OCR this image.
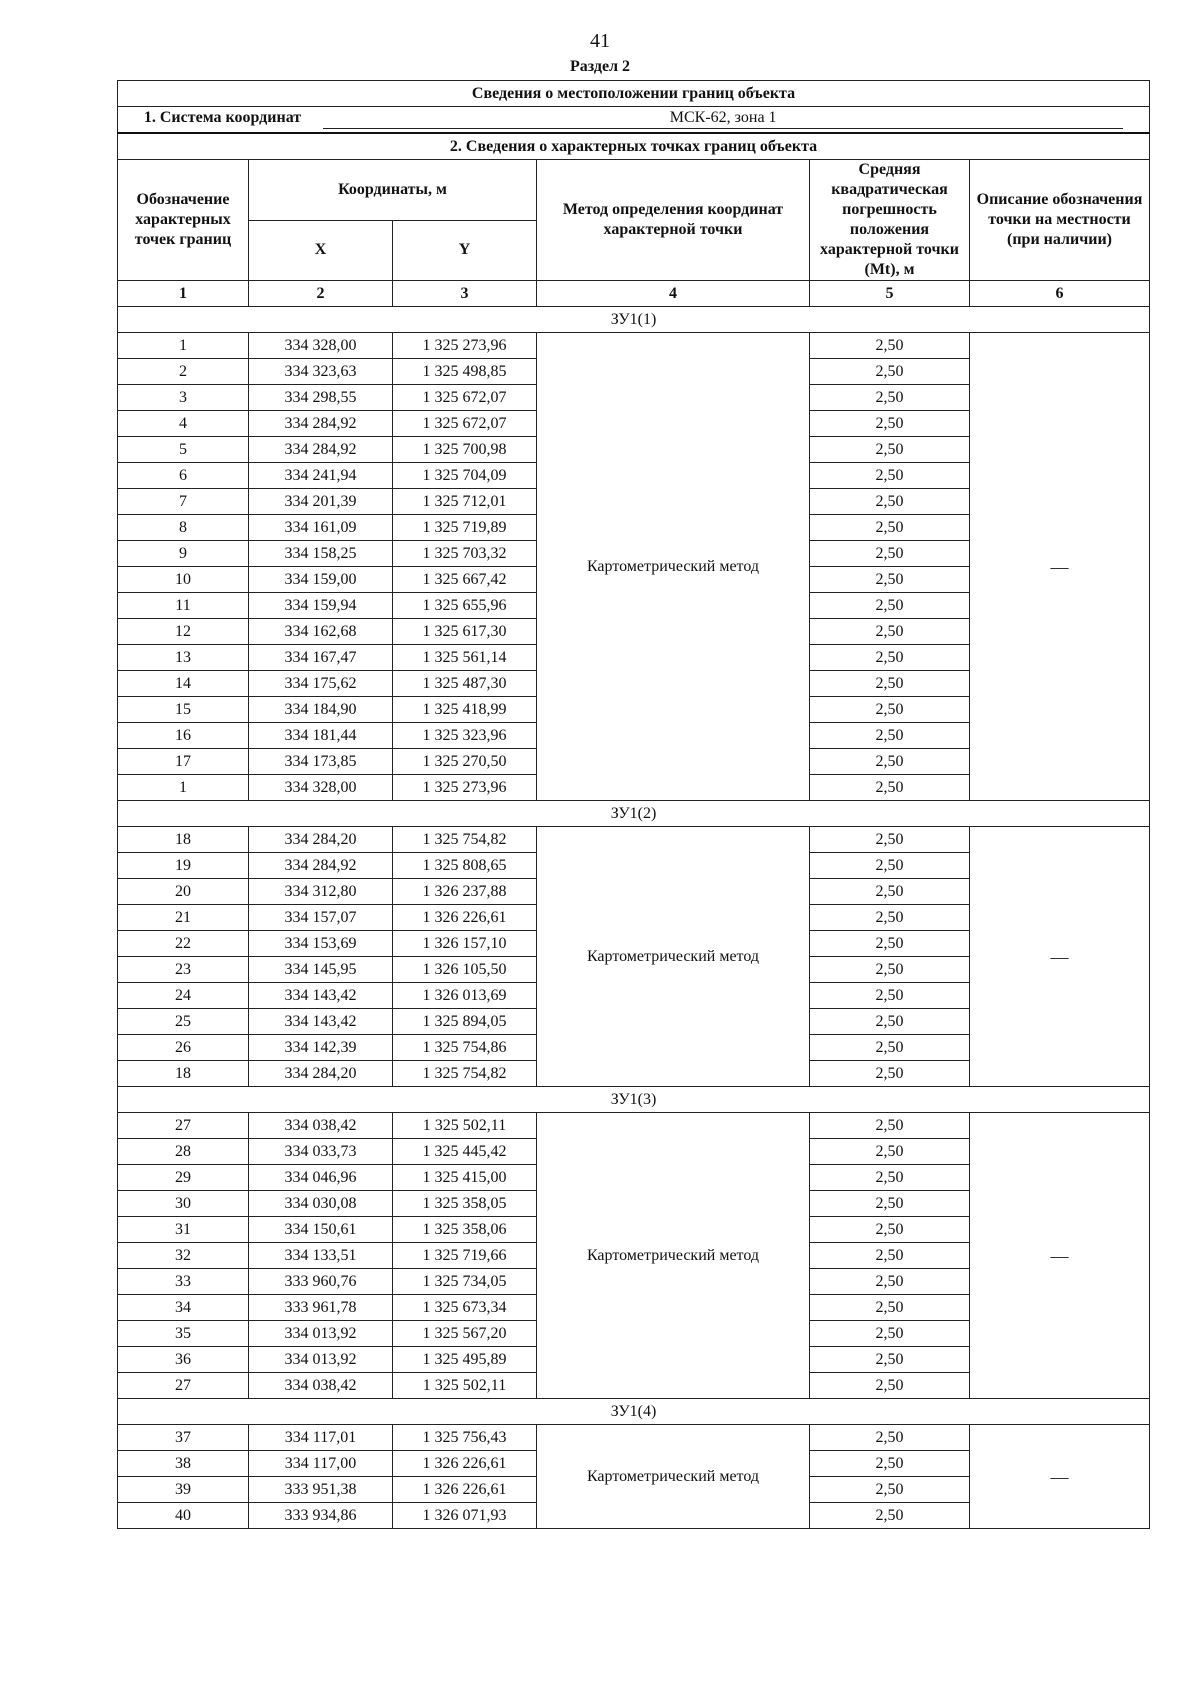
41
Раздел 2
Сведения о местоположении границ объекта					
1. Система координат МСК-62, зона 1					
2. Сведения о характерных точках границ объекта					
Обозначение характерных точек границ	Координаты, м		Метод определения координат характерной точки	Средняя квадратическая погрешность положения характерной точки (Mt), м	Описание обозначения точки на местности (при наличии)
	X	Y			
1	2	3	4	5	6
ЗУ1(1)					
1	334 328,00	1 325 273,96	Картометрический метод	2,50	—
2	334 323,63	1 325 498,85		2,50	
3	334 298,55	1 325 672,07		2,50	
4	334 284,92	1 325 672,07		2,50	
5	334 284,92	1 325 700,98		2,50	
6	334 241,94	1 325 704,09		2,50	
7	334 201,39	1 325 712,01		2,50	
8	334 161,09	1 325 719,89		2,50	
9	334 158,25	1 325 703,32		2,50	
10	334 159,00	1 325 667,42		2,50	
11	334 159,94	1 325 655,96		2,50	
12	334 162,68	1 325 617,30		2,50	
13	334 167,47	1 325 561,14		2,50	
14	334 175,62	1 325 487,30		2,50	
15	334 184,90	1 325 418,99		2,50	
16	334 181,44	1 325 323,96		2,50	
17	334 173,85	1 325 270,50		2,50	
1	334 328,00	1 325 273,96		2,50	
ЗУ1(2)					
18	334 284,20	1 325 754,82	Картометрический метод	2,50	—
19	334 284,92	1 325 808,65		2,50	
20	334 312,80	1 326 237,88		2,50	
21	334 157,07	1 326 226,61		2,50	
22	334 153,69	1 326 157,10		2,50	
23	334 145,95	1 326 105,50		2,50	
24	334 143,42	1 326 013,69		2,50	
25	334 143,42	1 325 894,05		2,50	
26	334 142,39	1 325 754,86		2,50	
18	334 284,20	1 325 754,82		2,50	
ЗУ1(3)					
27	334 038,42	1 325 502,11	Картометрический метод	2,50	—
28	334 033,73	1 325 445,42		2,50	
29	334 046,96	1 325 415,00		2,50	
30	334 030,08	1 325 358,05		2,50	
31	334 150,61	1 325 358,06		2,50	
32	334 133,51	1 325 719,66		2,50	
33	333 960,76	1 325 734,05		2,50	
34	333 961,78	1 325 673,34		2,50	
35	334 013,92	1 325 567,20		2,50	
36	334 013,92	1 325 495,89		2,50	
27	334 038,42	1 325 502,11		2,50	
ЗУ1(4)					
37	334 117,01	1 325 756,43	Картометрический метод	2,50	—
38	334 117,00	1 326 226,61		2,50	
39	333 951,38	1 326 226,61		2,50	
40	333 934,86	1 326 071,93		2,50	
